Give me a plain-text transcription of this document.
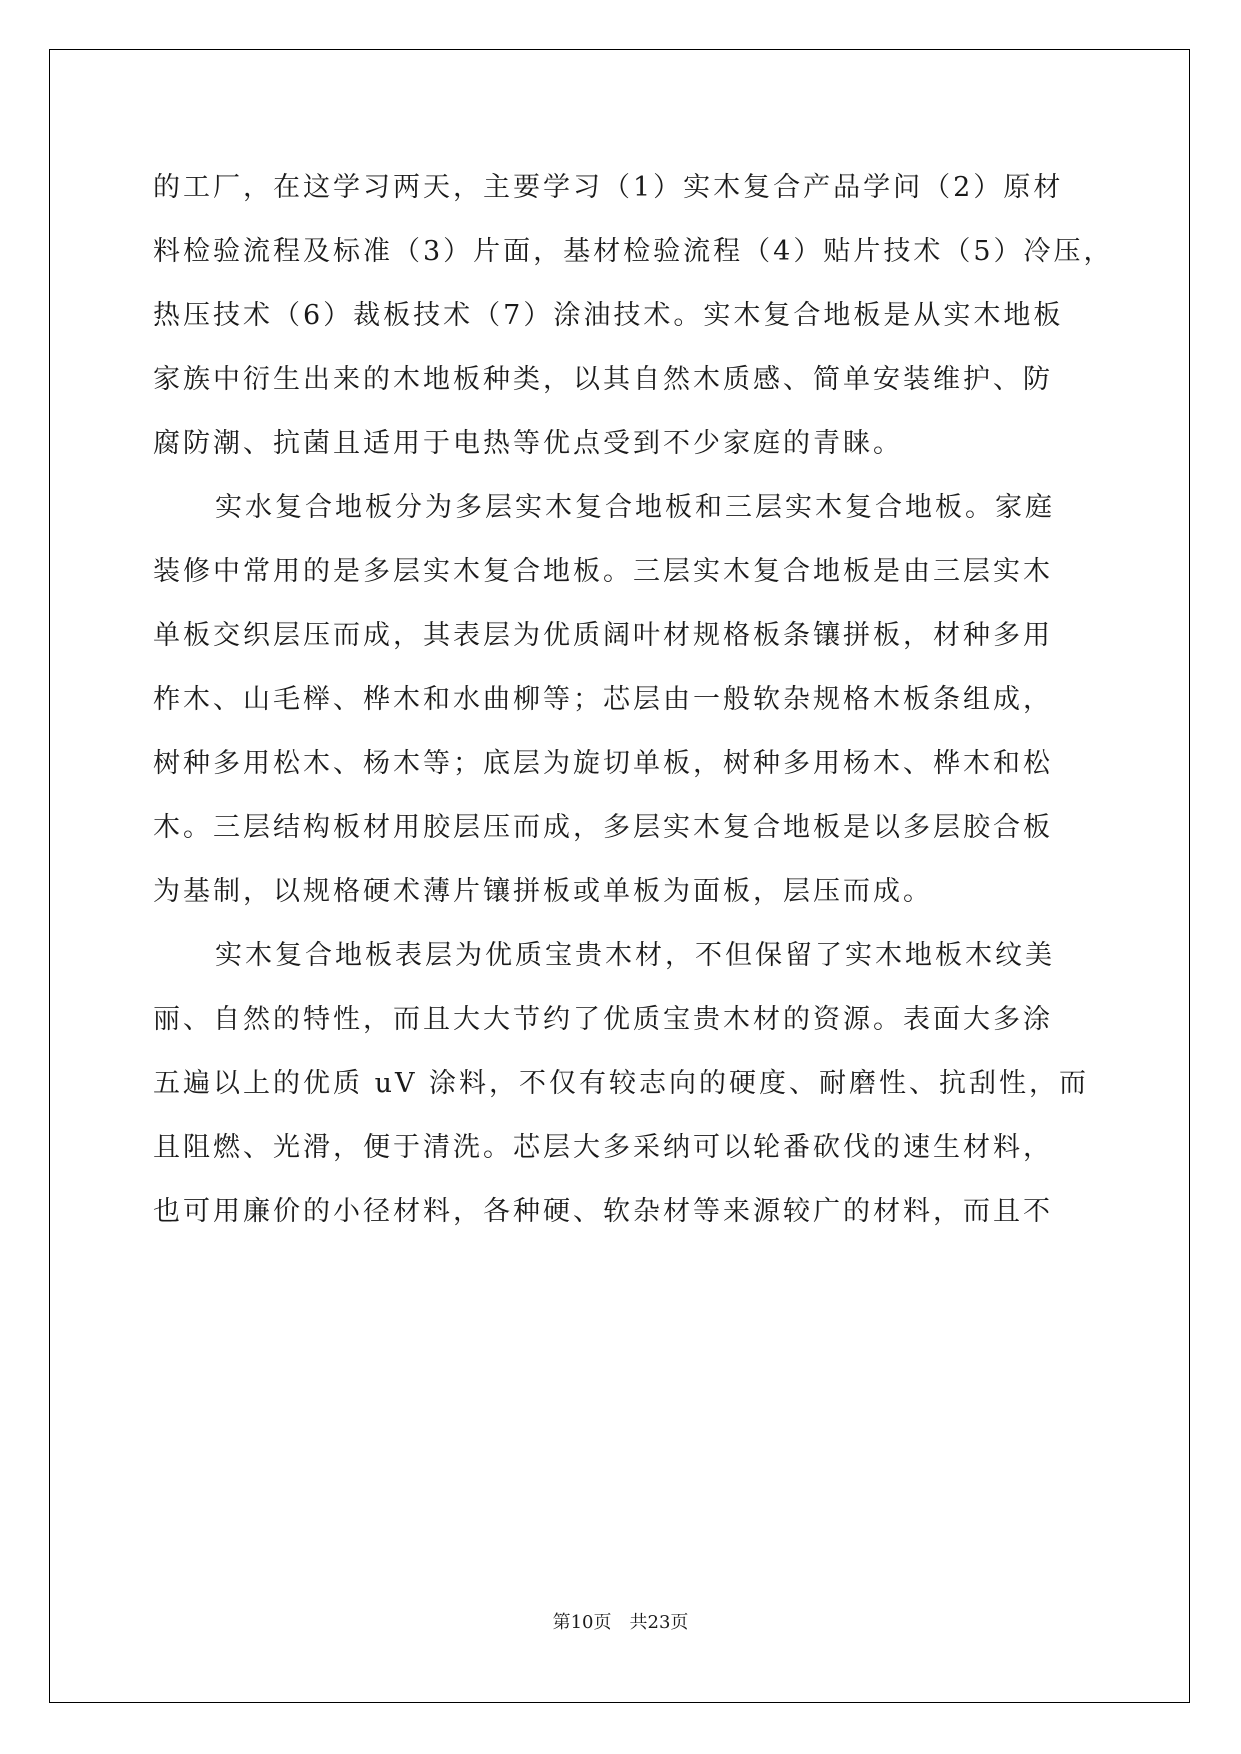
的工厂，在这学习两天，主要学习（1）实木复合产品学问（2）原材
料检验流程及标准（3）片面，基材检验流程（4）贴片技术（5）冷压，
热压技术（6）裁板技术（7）涂油技术。实木复合地板是从实木地板
家族中衍生出来的木地板种类，以其自然木质感、简单安装维护、防
腐防潮、抗菌且适用于电热等优点受到不少家庭的青睐。
实水复合地板分为多层实木复合地板和三层实木复合地板。家庭
装修中常用的是多层实木复合地板。三层实木复合地板是由三层实木
单板交织层压而成，其表层为优质阔叶材规格板条镶拼板，材种多用
柞木、山毛榉、桦木和水曲柳等；芯层由一般软杂规格木板条组成，
树种多用松木、杨木等；底层为旋切单板，树种多用杨木、桦木和松
木。三层结构板材用胶层压而成，多层实木复合地板是以多层胶合板
为基制，以规格硬术薄片镶拼板或单板为面板，层压而成。
实木复合地板表层为优质宝贵木材，不但保留了实木地板木纹美
丽、自然的特性，而且大大节约了优质宝贵木材的资源。表面大多涂
五遍以上的优质 uV 涂料，不仅有较志向的硬度、耐磨性、抗刮性，而
且阻燃、光滑，便于清洗。芯层大多采纳可以轮番砍伐的速生材料，
也可用廉价的小径材料，各种硬、软杂材等来源较广的材料，而且不
第10页　共23页
